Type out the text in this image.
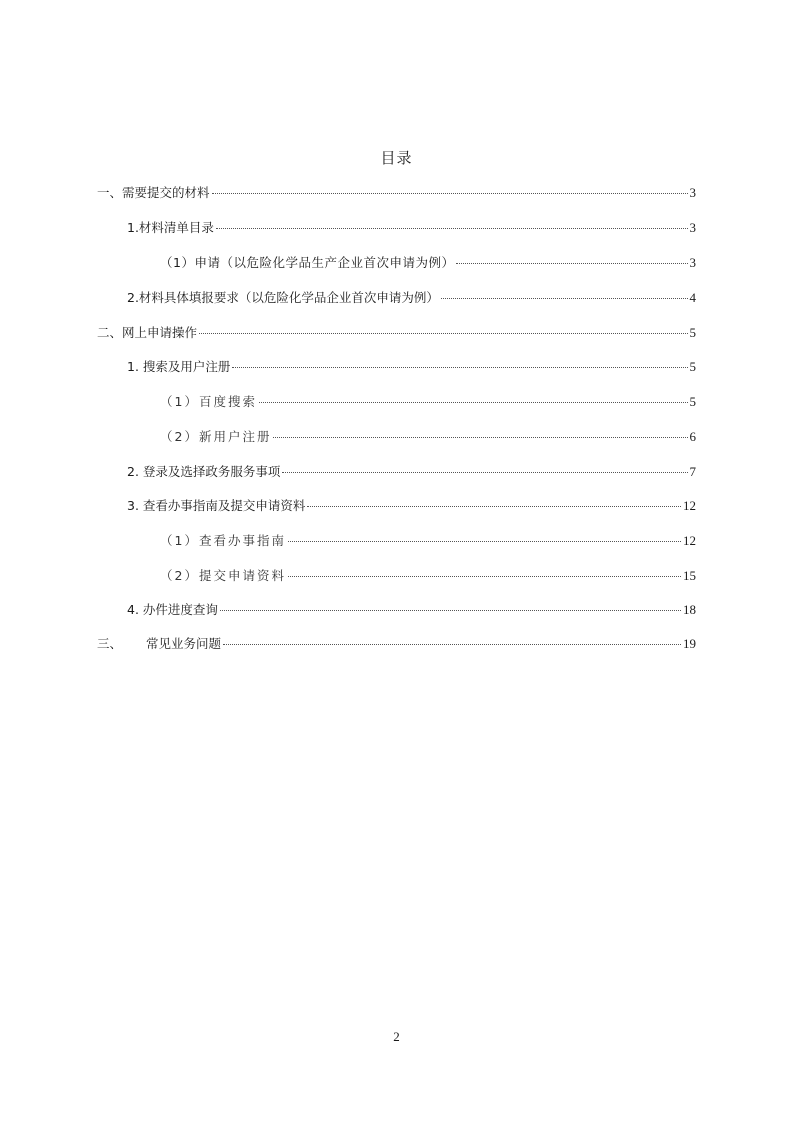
目录
一、需要提交的材料	3
1.材料清单目录	3
（1）申请（以危险化学品生产企业首次申请为例）	3
2.材料具体填报要求（以危险化学品企业首次申请为例）	4
二、网上申请操作	5
1. 搜索及用户注册	5
（1）百度搜索	5
（2）新用户注册	6
2. 登录及选择政务服务事项	7
3. 查看办事指南及提交申请资料	12
（1）查看办事指南	12
（2）提交申请资料	15
4. 办件进度查询	18
三、 常见业务问题	19
2
